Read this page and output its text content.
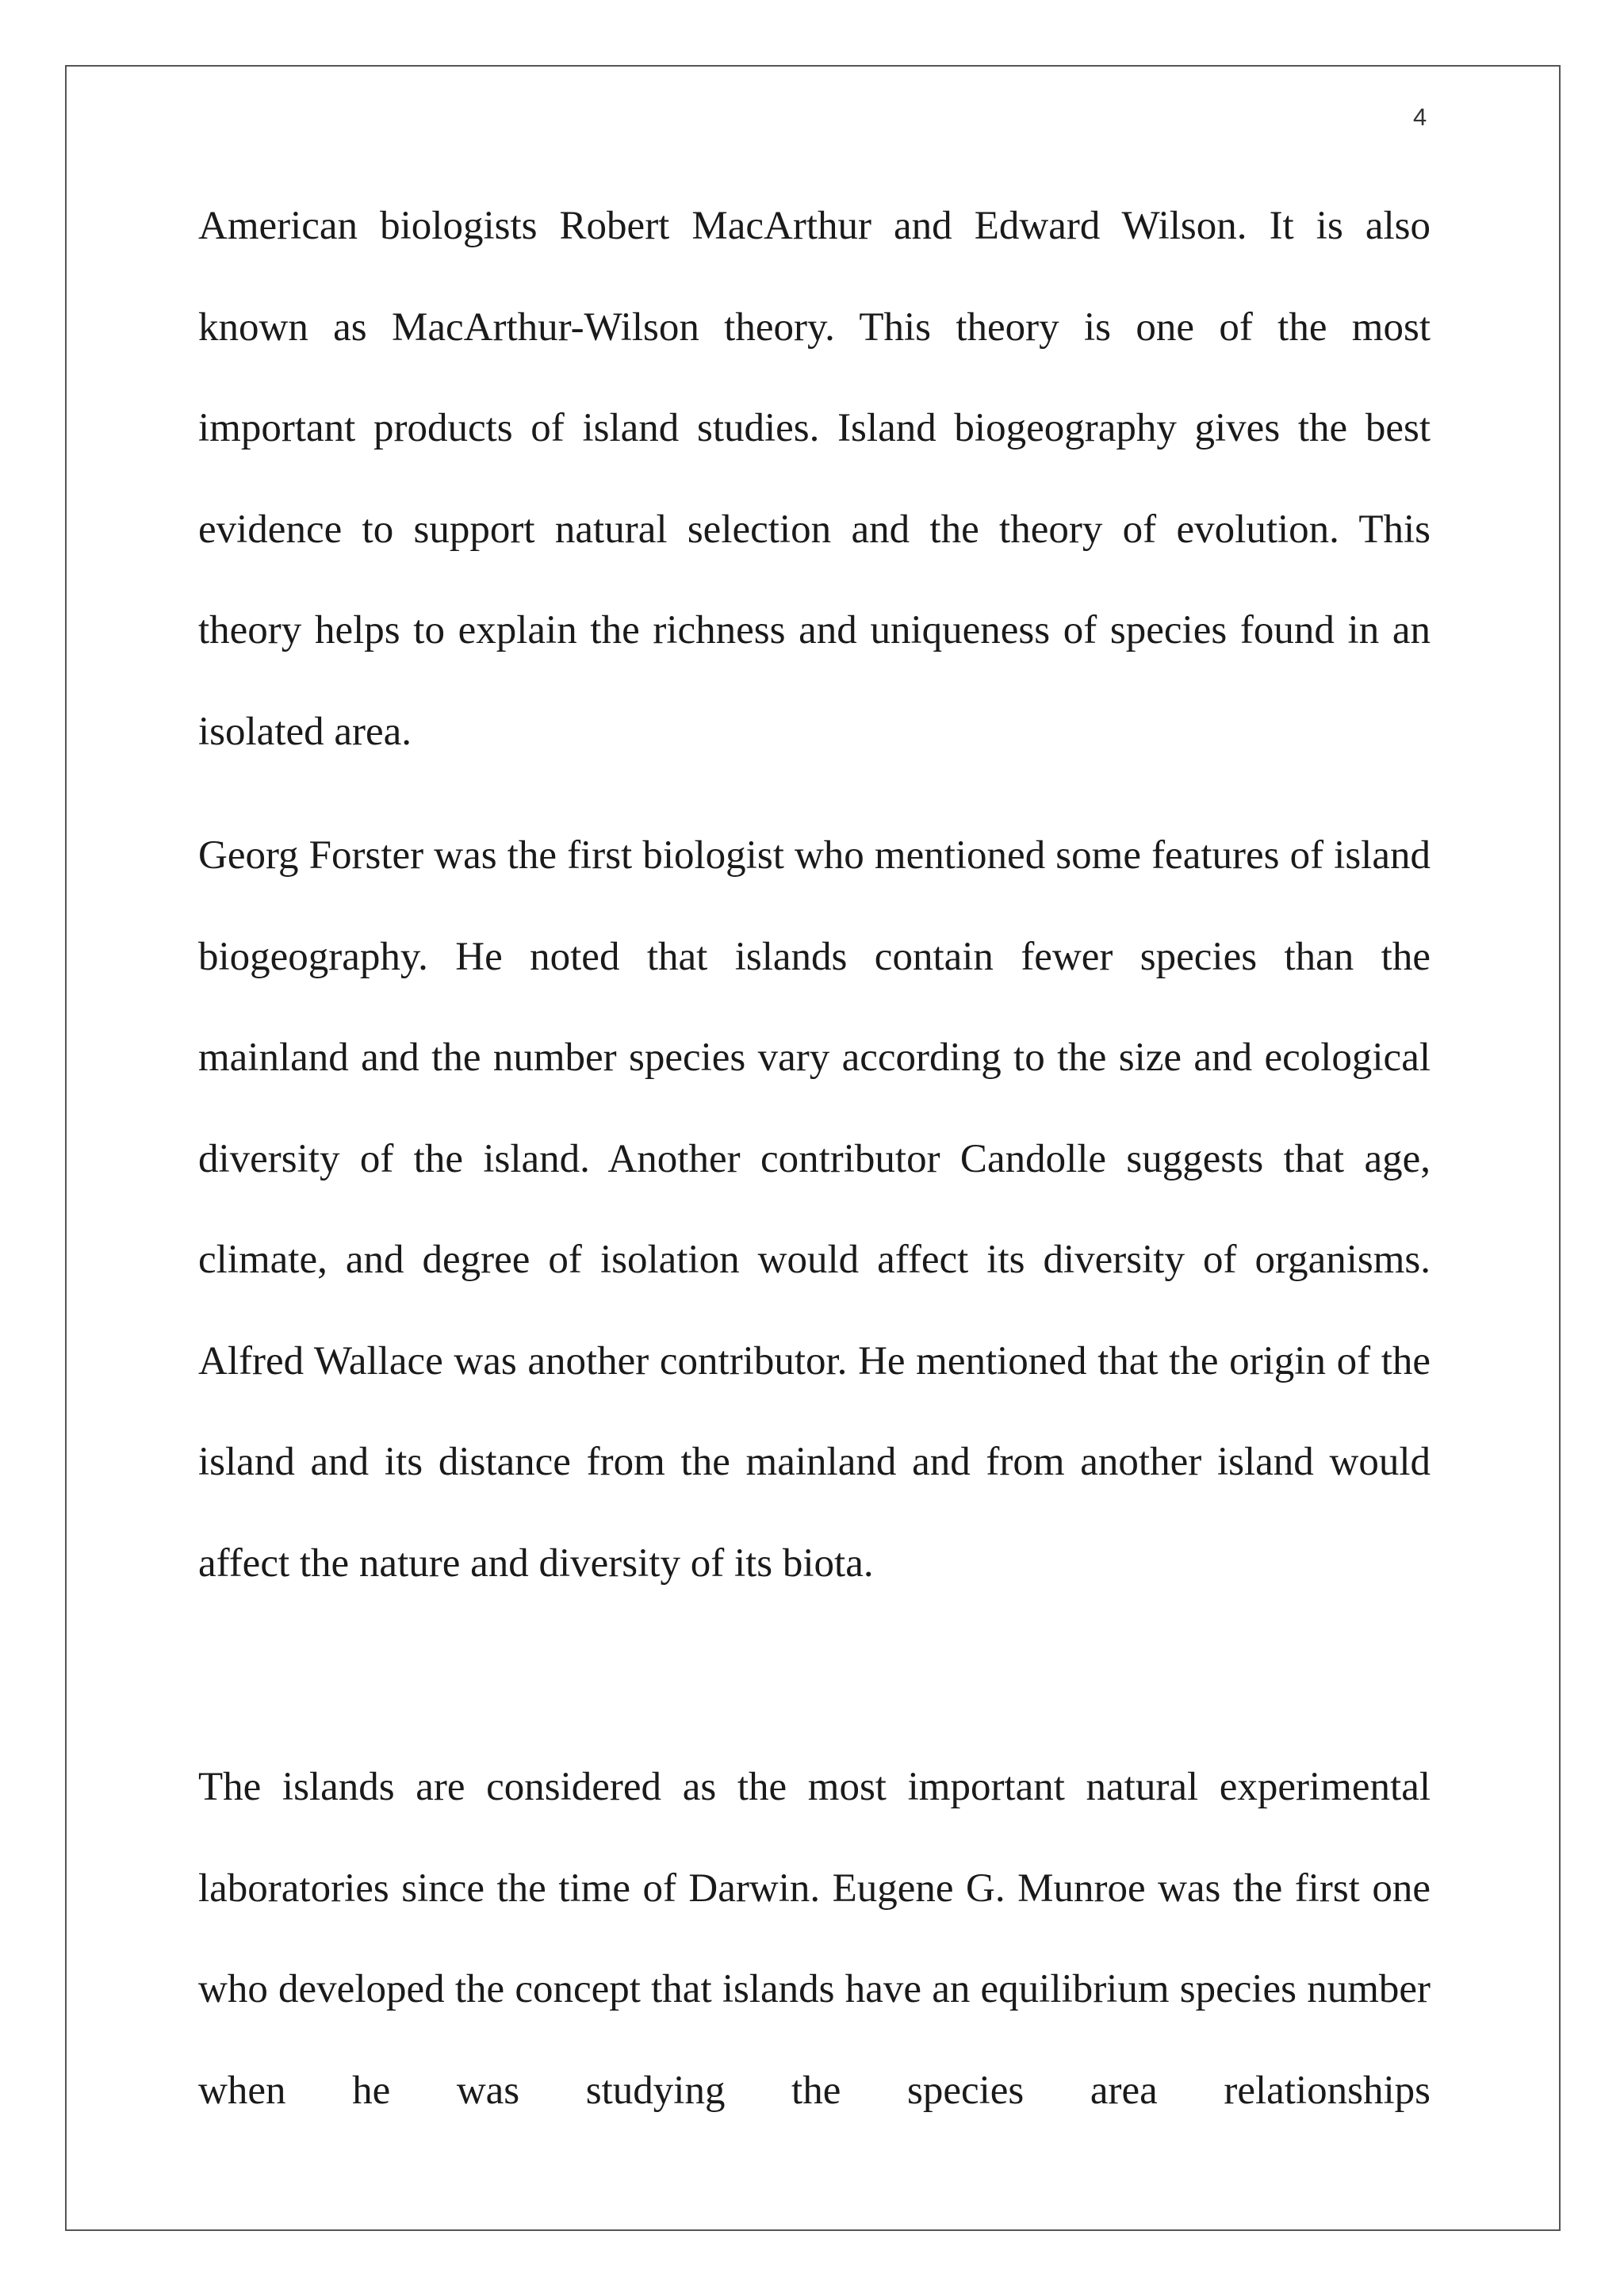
4

American biologists Robert MacArthur and Edward Wilson. It is also known as MacArthur-Wilson theory. This theory is one of the most important products of island studies. Island biogeography gives the best evidence to support natural selection and the theory of evolution. This theory helps to explain the richness and uniqueness of species found in an isolated area.

Georg Forster was the first biologist who mentioned some features of island biogeography. He noted that islands contain fewer species than the mainland and the number species vary according to the size and ecological diversity of the island. Another contributor Candolle suggests that age, climate, and degree of isolation would affect its diversity of organisms. Alfred Wallace was another contributor. He mentioned that the origin of the island and its distance from the mainland and from another island would affect the nature and diversity of its biota.

The islands are considered as the most important natural experimental laboratories since the time of Darwin. Eugene G. Munroe was the first one who developed the concept that islands have an equilibrium species number when he was studying the species area relationships
